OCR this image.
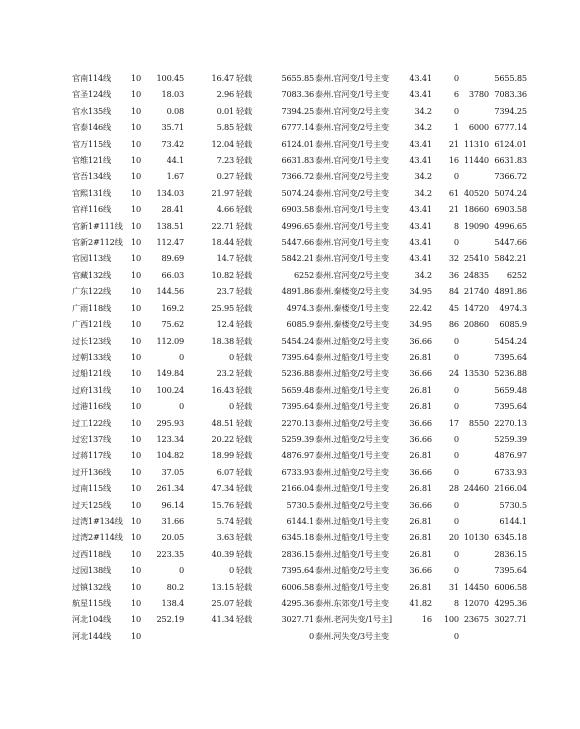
官南114线	10	100.45	16.47	轻载	5655.85	泰州.官河变/1号主变	43.41	0		5655.85
官圣124线	10	18.03	2.96	轻载	7083.36	泰州.官河变/1号主变	43.41	6	3780	7083.36
官水135线	10	0.08	0.01	轻载	7394.25	泰州.官河变/2号主变	34.2	0		7394.25
官泰146线	10	35.71	5.85	轻载	6777.14	泰州.官河变/2号主变	34.2	1	6000	6777.14
官万115线	10	73.42	12.04	轻载	6124.01	泰州.官河变/1号主变	43.41	21	11310	6124.01
官维121线	10	44.1	7.23	轻载	6631.83	泰州.官河变/1号主变	43.41	16	11440	6631.83
官吾134线	10	1.67	0.27	轻载	7366.72	泰州.官河变/2号主变	34.2	0		7366.72
官熙131线	10	134.03	21.97	轻载	5074.24	泰州.官河变/2号主变	34.2	61	40520	5074.24
官祥116线	10	28.41	4.66	轻载	6903.58	泰州.官河变/1号主变	43.41	21	18660	6903.58
官新1#111线	10	138.51	22.71	轻载	4996.65	泰州.官河变/1号主变	43.41	8	19090	4996.65
官新2#112线	10	112.47	18.44	轻载	5447.66	泰州.官河变/1号主变	43.41	0		5447.66
官园113线	10	89.69	14.7	轻载	5842.21	泰州.官河变/1号主变	43.41	32	25410	5842.21
官藏132线	10	66.03	10.82	轻载	6252	泰州.官河变/2号主变	34.2	36	24835	6252
广东122线	10	144.56	23.7	轻载	4891.86	泰州.秦楼变/2号主变	34.95	84	21740	4891.86
广雨118线	10	169.2	25.95	轻载	4974.3	泰州.秦楼变/1号主变	22.42	45	14720	4974.3
广西121线	10	75.62	12.4	轻载	6085.9	泰州.秦楼变/2号主变	34.95	86	20860	6085.9
过长123线	10	112.09	18.38	轻载	5454.24	泰州.过船变/2号主变	36.66	0		5454.24
过朝133线	10	0	0	轻载	7395.64	泰州.过船变/1号主变	26.81	0		7395.64
过船121线	10	149.84	23.2	轻载	5236.88	泰州.过船变/2号主变	36.66	24	13530	5236.88
过府131线	10	100.24	16.43	轻载	5659.48	泰州.过船变/1号主变	26.81	0		5659.48
过港116线	10	0	0	轻载	7395.64	泰州.过船变/1号主变	26.81	0		7395.64
过工122线	10	295.93	48.51	轻载	2270.13	泰州.过船变/2号主变	36.66	17	8550	2270.13
过宏137线	10	123.34	20.22	轻载	5259.39	泰州.过船变/2号主变	36.66	0		5259.39
过蒋117线	10	104.82	18.99	轻载	4876.97	泰州.过船变/1号主变	26.81	0		4876.97
过开136线	10	37.05	6.07	轻载	6733.93	泰州.过船变/2号主变	36.66	0		6733.93
过南115线	10	261.34	47.34	轻载	2166.04	泰州.过船变/1号主变	26.81	28	24460	2166.04
过天125线	10	96.14	15.76	轻载	5730.5	泰州.过船变/2号主变	36.66	0		5730.5
过湾1#134线	10	31.66	5.74	轻载	6144.1	泰州.过船变/1号主变	26.81	0		6144.1
过湾2#114线	10	20.05	3.63	轻载	6345.18	泰州.过船变/1号主变	26.81	20	10130	6345.18
过西118线	10	223.35	40.39	轻载	2836.15	泰州.过船变/1号主变	26.81	0		2836.15
过园138线	10	0	0	轻载	7395.64	泰州.过船变/2号主变	36.66	0		7395.64
过镇132线	10	80.2	13.15	轻载	6006.58	泰州.过船变/1号主变	26.81	31	14450	6006.58
航星115线	10	138.4	25.07	轻载	4295.36	泰州.东郊变/1号主变	41.82	8	12070	4295.36
河北104线	10	252.19	41.34	轻载	3027.71	泰州.老河失变/1号主]	16	100	23675	3027.71
河北144线	10				0	泰州.河失变/3号主变		0		
